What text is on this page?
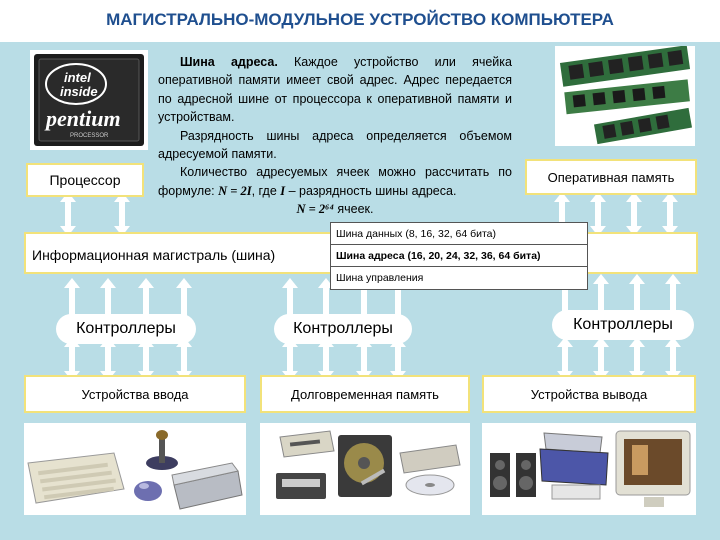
МАГИСТРАЛЬНО-МОДУЛЬНОЕ УСТРОЙСТВО КОМПЬЮТЕРА
intel
inside
pentium
PROCESSOR

Шина адреса. Каждое устройство или ячейка оперативной памяти имеет свой адрес. Адрес передается по адресной шине от процессора к оперативной памяти и устройствам.

Разрядность шины адреса определяется объемом адресуемой памяти.

Количество адресуемых ячеек можно рассчитать по формуле: N = 2I, где I – разрядность шины адреса.

N = 2⁶⁴ ячеек.

Процессор	Оперативная память
Информационная магистраль (шина)
Шина данных (8, 16, 32, 64 бита)
Шина адреса (16, 20, 24, 32, 36, 64 бита)
Шина управления
Контроллеры	Контроллеры	Контроллеры
Устройства ввода	Долговременная память	Устройства вывода
